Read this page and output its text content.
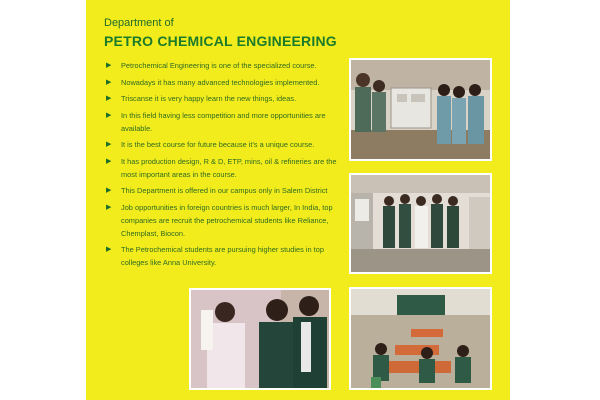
Department of
PETRO CHEMICAL ENGINEERING
▶ Petrochemical Engineering is one of the specialized course.
▶ Nowadays it has many advanced technologies implemented.
▶ Triscanse it is very happy learn the new things, ideas.
▶ In this field having less competition and more opportunities are available.
▶ It is the best course for future because it's a unique course.
▶ It has production design, R & D, ETP, mins, oil & refineries are the most important areas in the course.
▶ This Department is offered in our campus only in Salem District
▶ Job opportunities in foreign countries is much larger, In India, top companies are recruit the petrochemical students like Reliance, Chemplast, Biocon.
▶ The Petrochemical students are pursuing higher studies in top colleges like Anna University.
